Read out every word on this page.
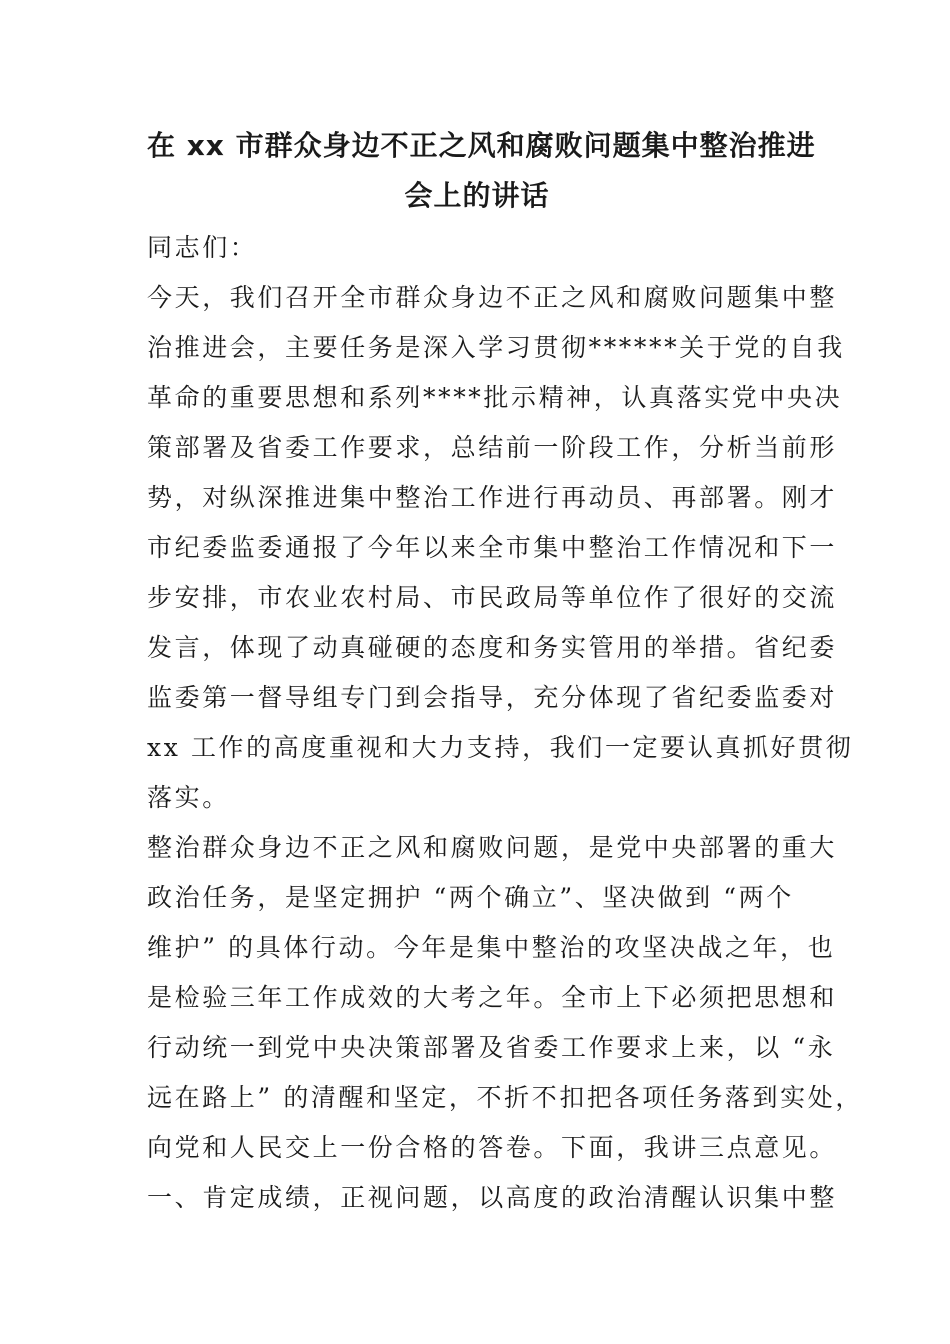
在 xx 市群众身边不正之风和腐败问题集中整治推进
会上的讲话
同志们：
今天，我们召开全市群众身边不正之风和腐败问题集中整
治推进会，主要任务是深入学习贯彻******关于党的自我
革命的重要思想和系列****批示精神，认真落实党中央决
策部署及省委工作要求，总结前一阶段工作，分析当前形
势，对纵深推进集中整治工作进行再动员、再部署。刚才
市纪委监委通报了今年以来全市集中整治工作情况和下一
步安排，市农业农村局、市民政局等单位作了很好的交流
发言，体现了动真碰硬的态度和务实管用的举措。省纪委
监委第一督导组专门到会指导，充分体现了省纪委监委对
xx 工作的高度重视和大力支持，我们一定要认真抓好贯彻
落实。
整治群众身边不正之风和腐败问题，是党中央部署的重大
政治任务，是坚定拥护 “两个确立”、坚决做到 “两个
维护” 的具体行动。今年是集中整治的攻坚决战之年，也
是检验三年工作成效的大考之年。全市上下必须把思想和
行动统一到党中央决策部署及省委工作要求上来，以 “永
远在路上” 的清醒和坚定，不折不扣把各项任务落到实处，
向党和人民交上一份合格的答卷。下面，我讲三点意见。
一、肯定成绩，正视问题，以高度的政治清醒认识集中整
